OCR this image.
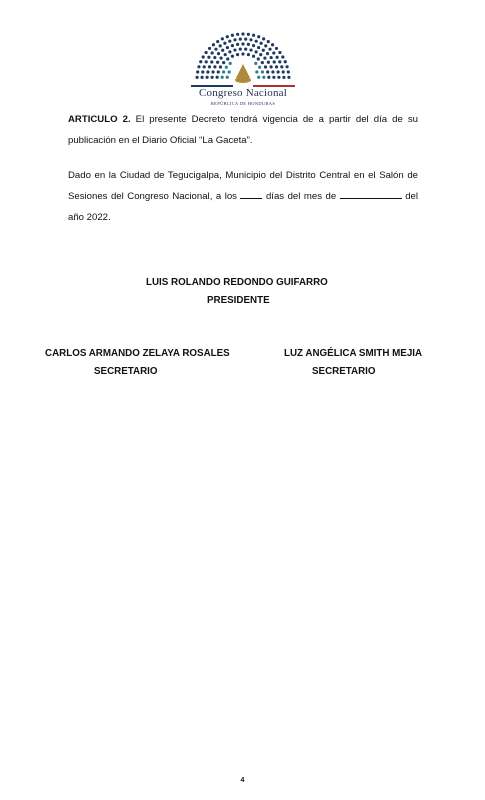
Congreso Nacional
REPÚBLICA DE HONDURAS

ARTICULO 2. El presente Decreto tendrá vigencia de a partir del día de su publicación en el Diario Oficial “La Gaceta”.

Dado en la Ciudad de Tegucigalpa, Municipio del Distrito Central en el Salón de Sesiones del Congreso Nacional, a los  días del mes de	del año 2022.

LUIS ROLANDO REDONDO GUIFARRO
PRESIDENTE
CARLOS ARMANDO ZELAYA ROSALES
SECRETARIO
LUZ ANGÉLICA SMITH MEJIA
SECRETARIO
4
